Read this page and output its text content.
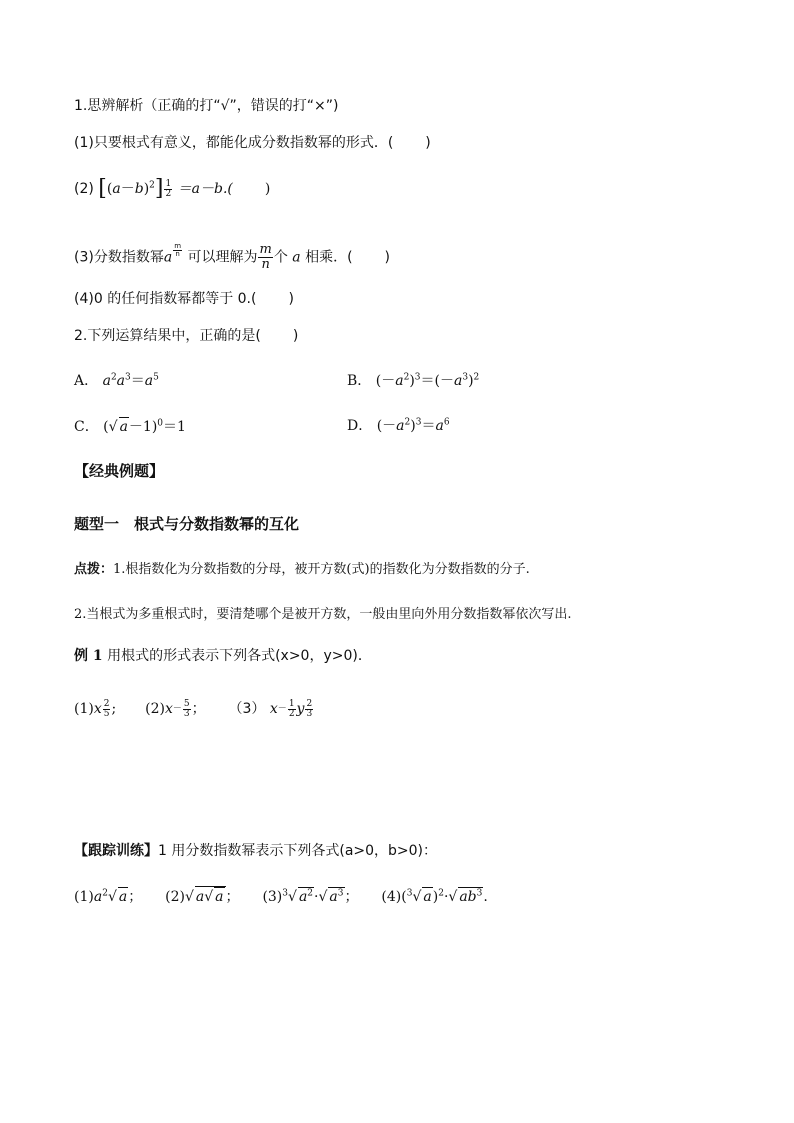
1.思辨解析（正确的打“√”，错误的打“×”)
(1)只要根式有意义，都能化成分数指数幂的形式．( )
(2) $[(a-b)^2] \frac{1}{2} =a-b$.( )
(3)分数指数幂a $\frac{m}{n}$ 可以理解为 $\frac{m}{n}$ 个 a 相乘．( )
(4)0 的任何指数幂都等于 0.( )
2.下列运算结果中，正确的是( )
A． $a^2a^3=a^5$	B． $(-a^2)^3=(-a^3)^2$
C． (√ a－1)$^0$＝1	D． $(-a^2)^3=a^6$
【经典例题】
题型一　根式与分数指数幂的互化
点拨：1.根指数化为分数指数的分母，被开方数(式)的指数化为分数指数的分子.
2.当根式为多重根式时，要清楚哪个是被开方数，一般由里向外用分数指数幂依次写出.
例 1 用根式的形式表示下列各式(x>0，y>0)．
$(1)x \frac{2}{5}$ ; $(2)x^- \frac{5}{3}$ ； （3） $x^- \frac{1}{2}$ y $\frac{2}{3}$
【跟踪训练】1 用分数指数幂表示下列各式(a>0，b>0)：
$(1)a^2√$ a； (2)√ a√ a ； $(3)^3√$ $a^2\cdot√$ $a^3$； (4)($^3$√ a)$^2$·√ $ab^3$.
